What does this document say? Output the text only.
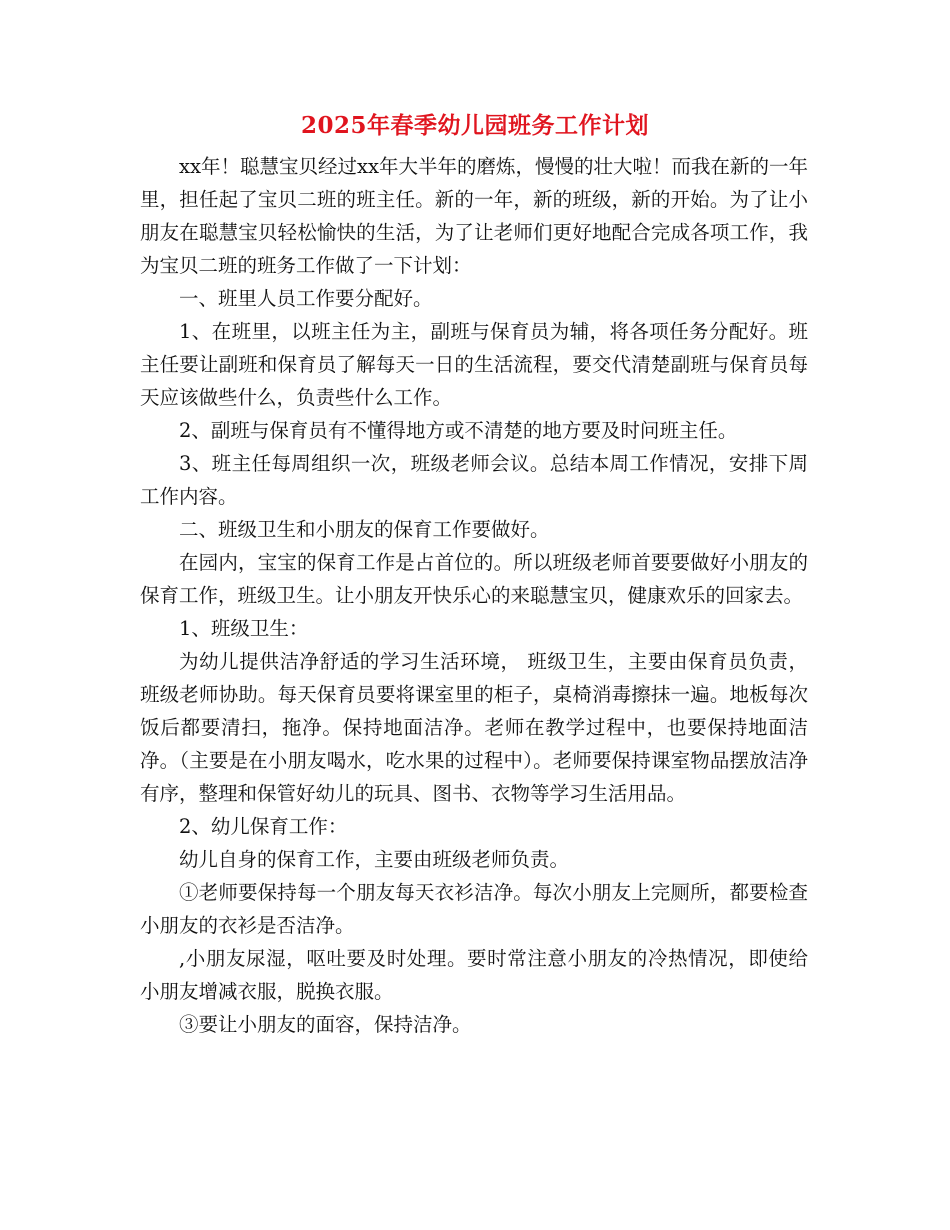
2025年春季幼儿园班务工作计划

xx年！聪慧宝贝经过xx年大半年的磨炼，慢慢的壮大啦！而我在新的一年里，担任起了宝贝二班的班主任。新的一年，新的班级，新的开始。为了让小朋友在聪慧宝贝轻松愉快的生活，为了让老师们更好地配合完成各项工作，我为宝贝二班的班务工作做了一下计划：

一、班里人员工作要分配好。

1、在班里，以班主任为主，副班与保育员为辅，将各项任务分配好。班主任要让副班和保育员了解每天一日的生活流程，要交代清楚副班与保育员每天应该做些什么，负责些什么工作。

2、副班与保育员有不懂得地方或不清楚的地方要及时问班主任。

3、班主任每周组织一次，班级老师会议。总结本周工作情况，安排下周工作内容。

二、班级卫生和小朋友的保育工作要做好。

在园内，宝宝的保育工作是占首位的。所以班级老师首要要做好小朋友的保育工作，班级卫生。让小朋友开快乐心的来聪慧宝贝，健康欢乐的回家去。

1、班级卫生：

为幼儿提供洁净舒适的学习生活环境， 班级卫生，主要由保育员负责，班级老师协助。每天保育员要将课室里的柜子，桌椅消毒擦抹一遍。地板每次饭后都要清扫，拖净。保持地面洁净。老师在教学过程中，也要保持地面洁净。（主要是在小朋友喝水，吃水果的过程中）。老师要保持课室物品摆放洁净有序，整理和保管好幼儿的玩具、图书、衣物等学习生活用品。

2、幼儿保育工作：

幼儿自身的保育工作，主要由班级老师负责。

①老师要保持每一个朋友每天衣衫洁净。每次小朋友上完厕所，都要检查小朋友的衣衫是否洁净。

,小朋友尿湿，呕吐要及时处理。要时常注意小朋友的冷热情况，即使给小朋友增减衣服，脱换衣服。

③要让小朋友的面容，保持洁净。
